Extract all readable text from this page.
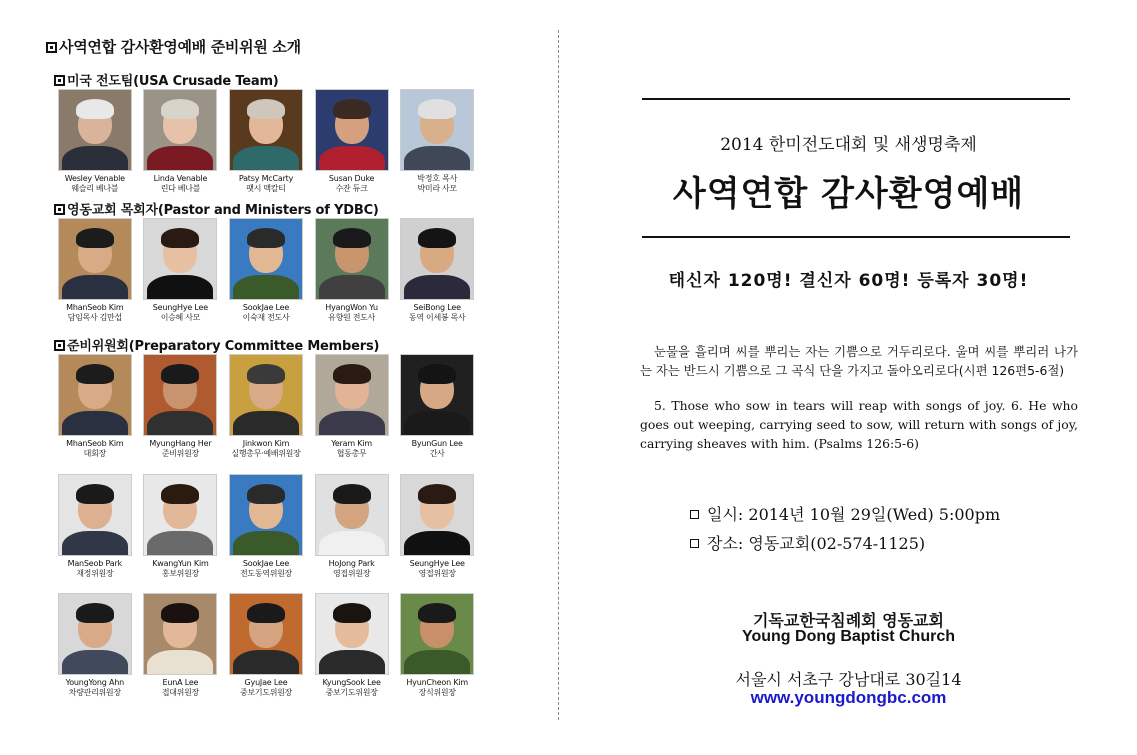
사역연합 감사환영예배 준비위원 소개
미국 전도팀(USA Crusade Team)
Wesley Venable
웨슬리 베나블
Linda Venable
린다 베나블
Patsy McCarty
팻시 맥칼티
Susan Duke
수잔 듀크
박정호 목사
박미라 사모
영동교회 목회자(Pastor and Ministers of YDBC)
MhanSeob Kim
담임목사 김만섭
SeungHye Lee
이승혜 사모
SookJae Lee
이숙재 전도사
HyangWon Yu
유향원 전도사
SeiBong Lee
동역 이세봉 목사
준비위원회(Preparatory Committee Members)
MhanSeob Kim
대회장
MyungHang Her
준비위원장
Jinkwon Kim
실행총무·예배위원장
Yeram Kim
협동총무
ByunGun Lee
간사
ManSeob Park
재정위원장
KwangYun Kim
홍보위원장
SookJae Lee
전도동역위원장
HoJong Park
영접위원장
SeungHye Lee
영접위원장
YoungYong Ahn
차량관리위원장
EunA Lee
접대위원장
GyuJae Lee
중보기도위원장
KyungSook Lee
중보기도위원장
HyunCheon Kim
장식위원장
2014 한미전도대회 및 새생명축제
사역연합 감사환영예배
태신자 120명! 결신자 60명! 등록자 30명!
눈물을 흘리며 씨를 뿌리는 자는 기쁨으로 거두리로다. 울며 씨를 뿌리러 나가는 자는 반드시 기쁨으로 그 곡식 단을 가지고 돌아오리로다(시편 126편5-6절)
5. Those who sow in tears will reap with songs of joy. 6. He who goes out weeping, carrying seed to sow, will return with songs of joy, carrying sheaves with him. (Psalms 126:5-6)
일시: 2014년 10월 29일(Wed) 5:00pm
장소: 영동교회(02-574-1125)
기독교한국침례회 영동교회
Young Dong Baptist Church
서울시 서초구 강남대로 30길14
www.youngdongbc.com
